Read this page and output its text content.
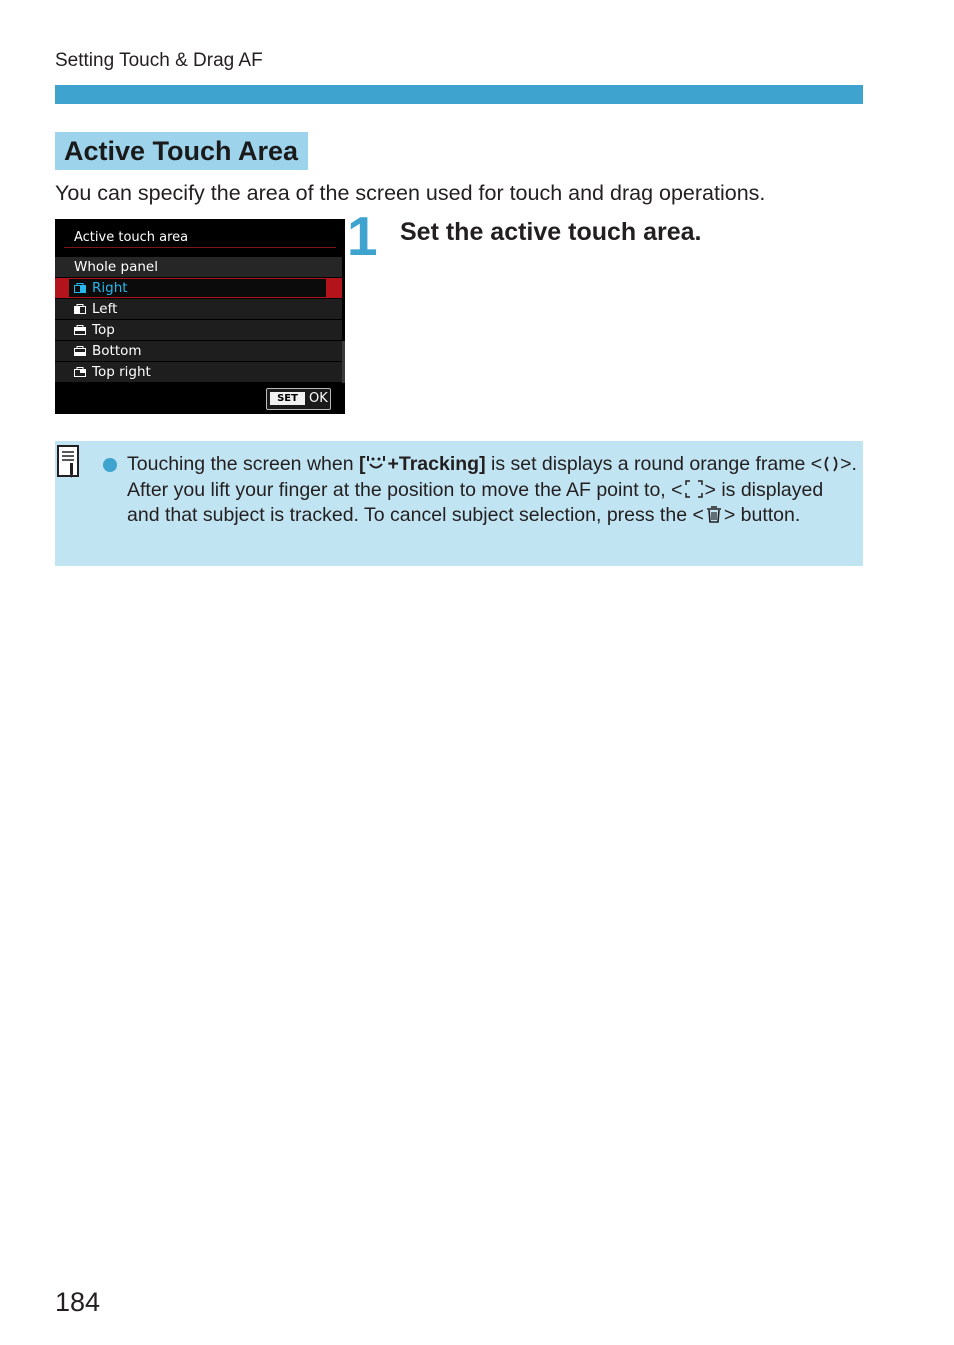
Setting Touch & Drag AF
Active Touch Area
You can specify the area of the screen used for touch and drag operations.
Active touch area
Whole panel
Right
Left
Top
Bottom
Top right
SET OK
1 Set the active touch area.
Touching the screen when [ +Tracking] is set displays a round orange frame < >. After you lift your finger at the position to move the AF point to, < > is displayed and that subject is tracked. To cancel subject selection, press the < > button.
184
